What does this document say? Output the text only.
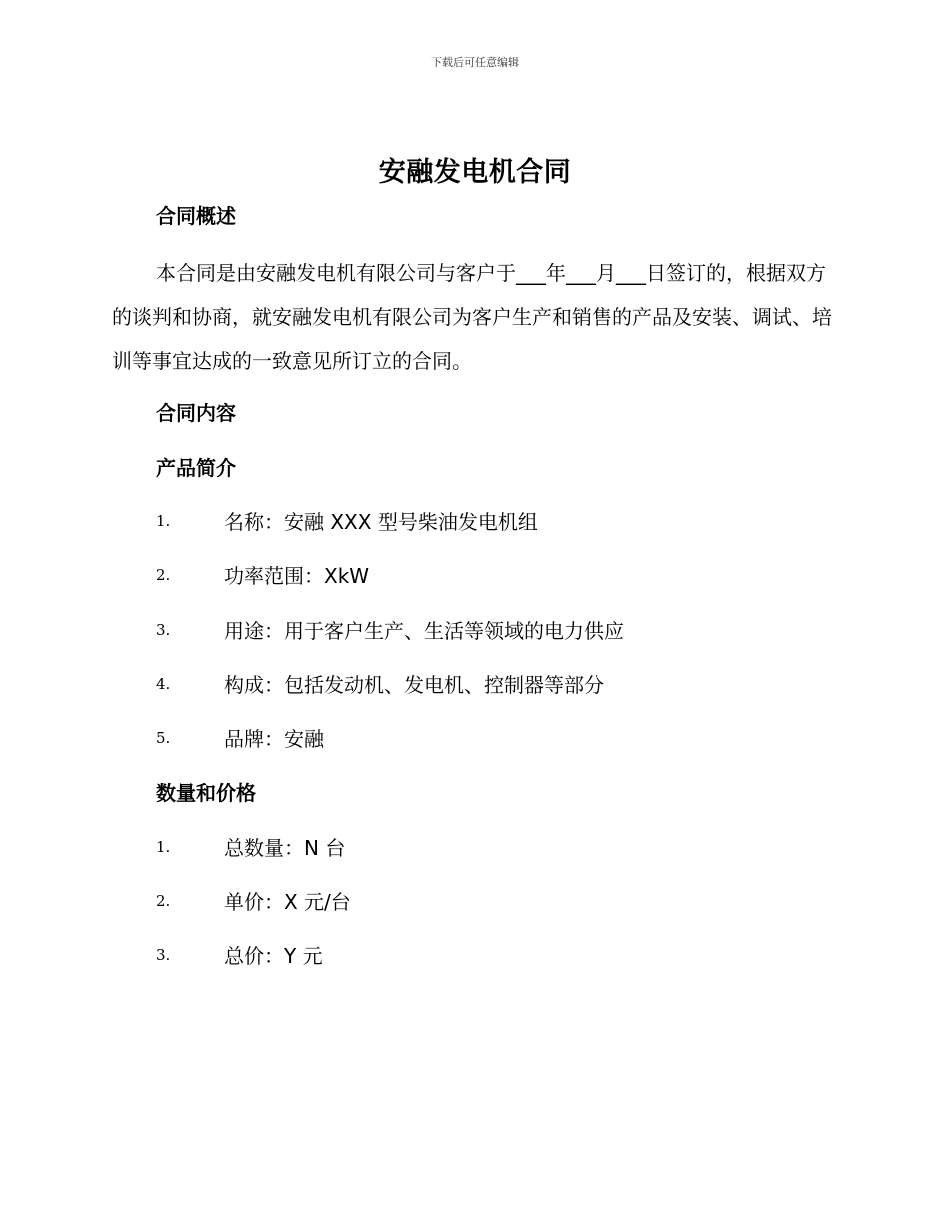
下载后可任意编辑
安融发电机合同
合同概述
本合同是由安融发电机有限公司与客户于___年___月___日签订的，根据双方的谈判和协商，就安融发电机有限公司为客户生产和销售的产品及安装、调试、培训等事宜达成的一致意见所订立的合同。
合同内容
产品简介
1.	名称：安融 XXX 型号柴油发电机组
2.	功率范围：XkW
3.	用途：用于客户生产、生活等领域的电力供应
4.	构成：包括发动机、发电机、控制器等部分
5.	品牌：安融
数量和价格
1.	总数量：N 台
2.	单价：X 元/台
3.	总价：Y 元
